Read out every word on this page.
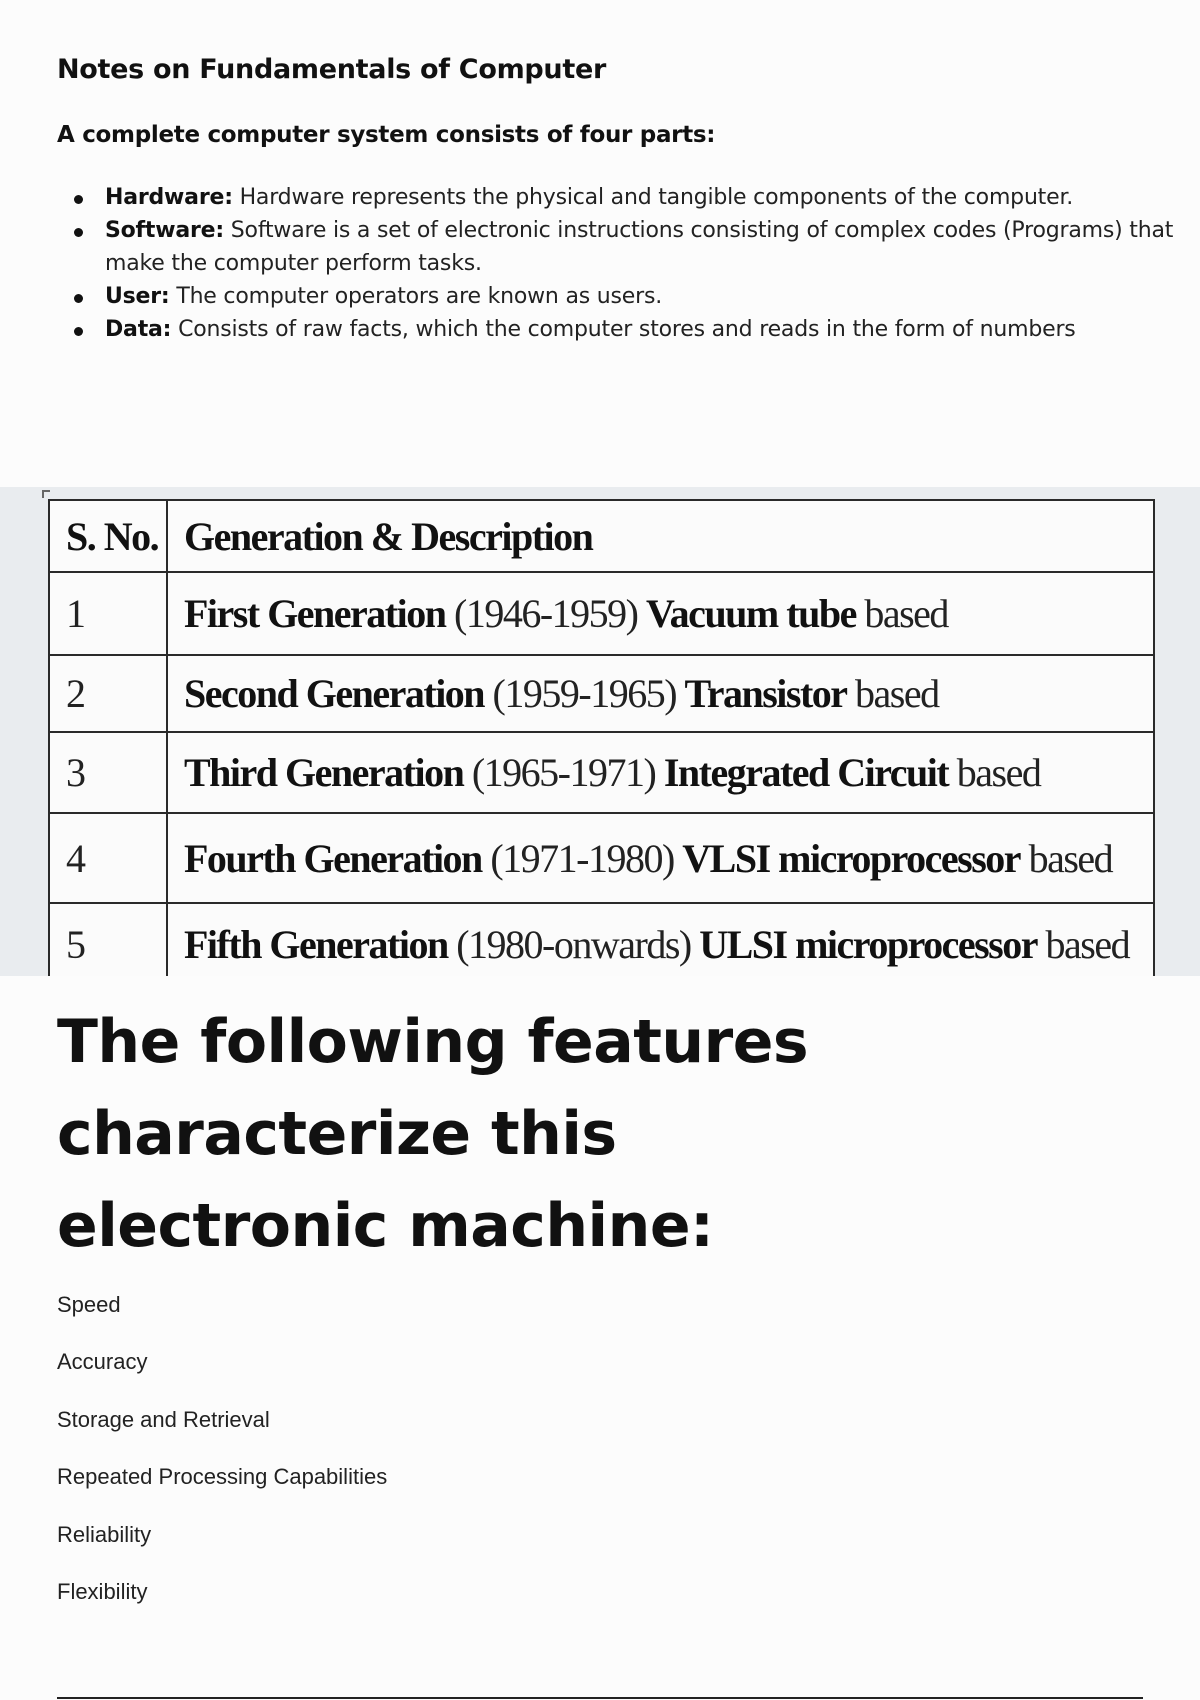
Notes on Fundamentals of Computer

A complete computer system consists of four parts:

Hardware: Hardware represents the physical and tangible components of the computer.
Software: Software is a set of electronic instructions consisting of complex codes (Programs) that make the computer perform tasks.
User: The computer operators are known as users.
Data: Consists of raw facts, which the computer stores and reads in the form of numbers
S. No.	Generation & Description
1	First Generation (1946-1959) Vacuum tube based
2	Second Generation (1959-1965) Transistor based
3	Third Generation (1965-1971) Integrated Circuit based
4	Fourth Generation (1971-1980) VLSI microprocessor based
5	Fifth Generation (1980-onwards) ULSI microprocessor based
The following features characterize this electronic machine:
Speed
Accuracy
Storage and Retrieval
Repeated Processing Capabilities
Reliability
Flexibility
